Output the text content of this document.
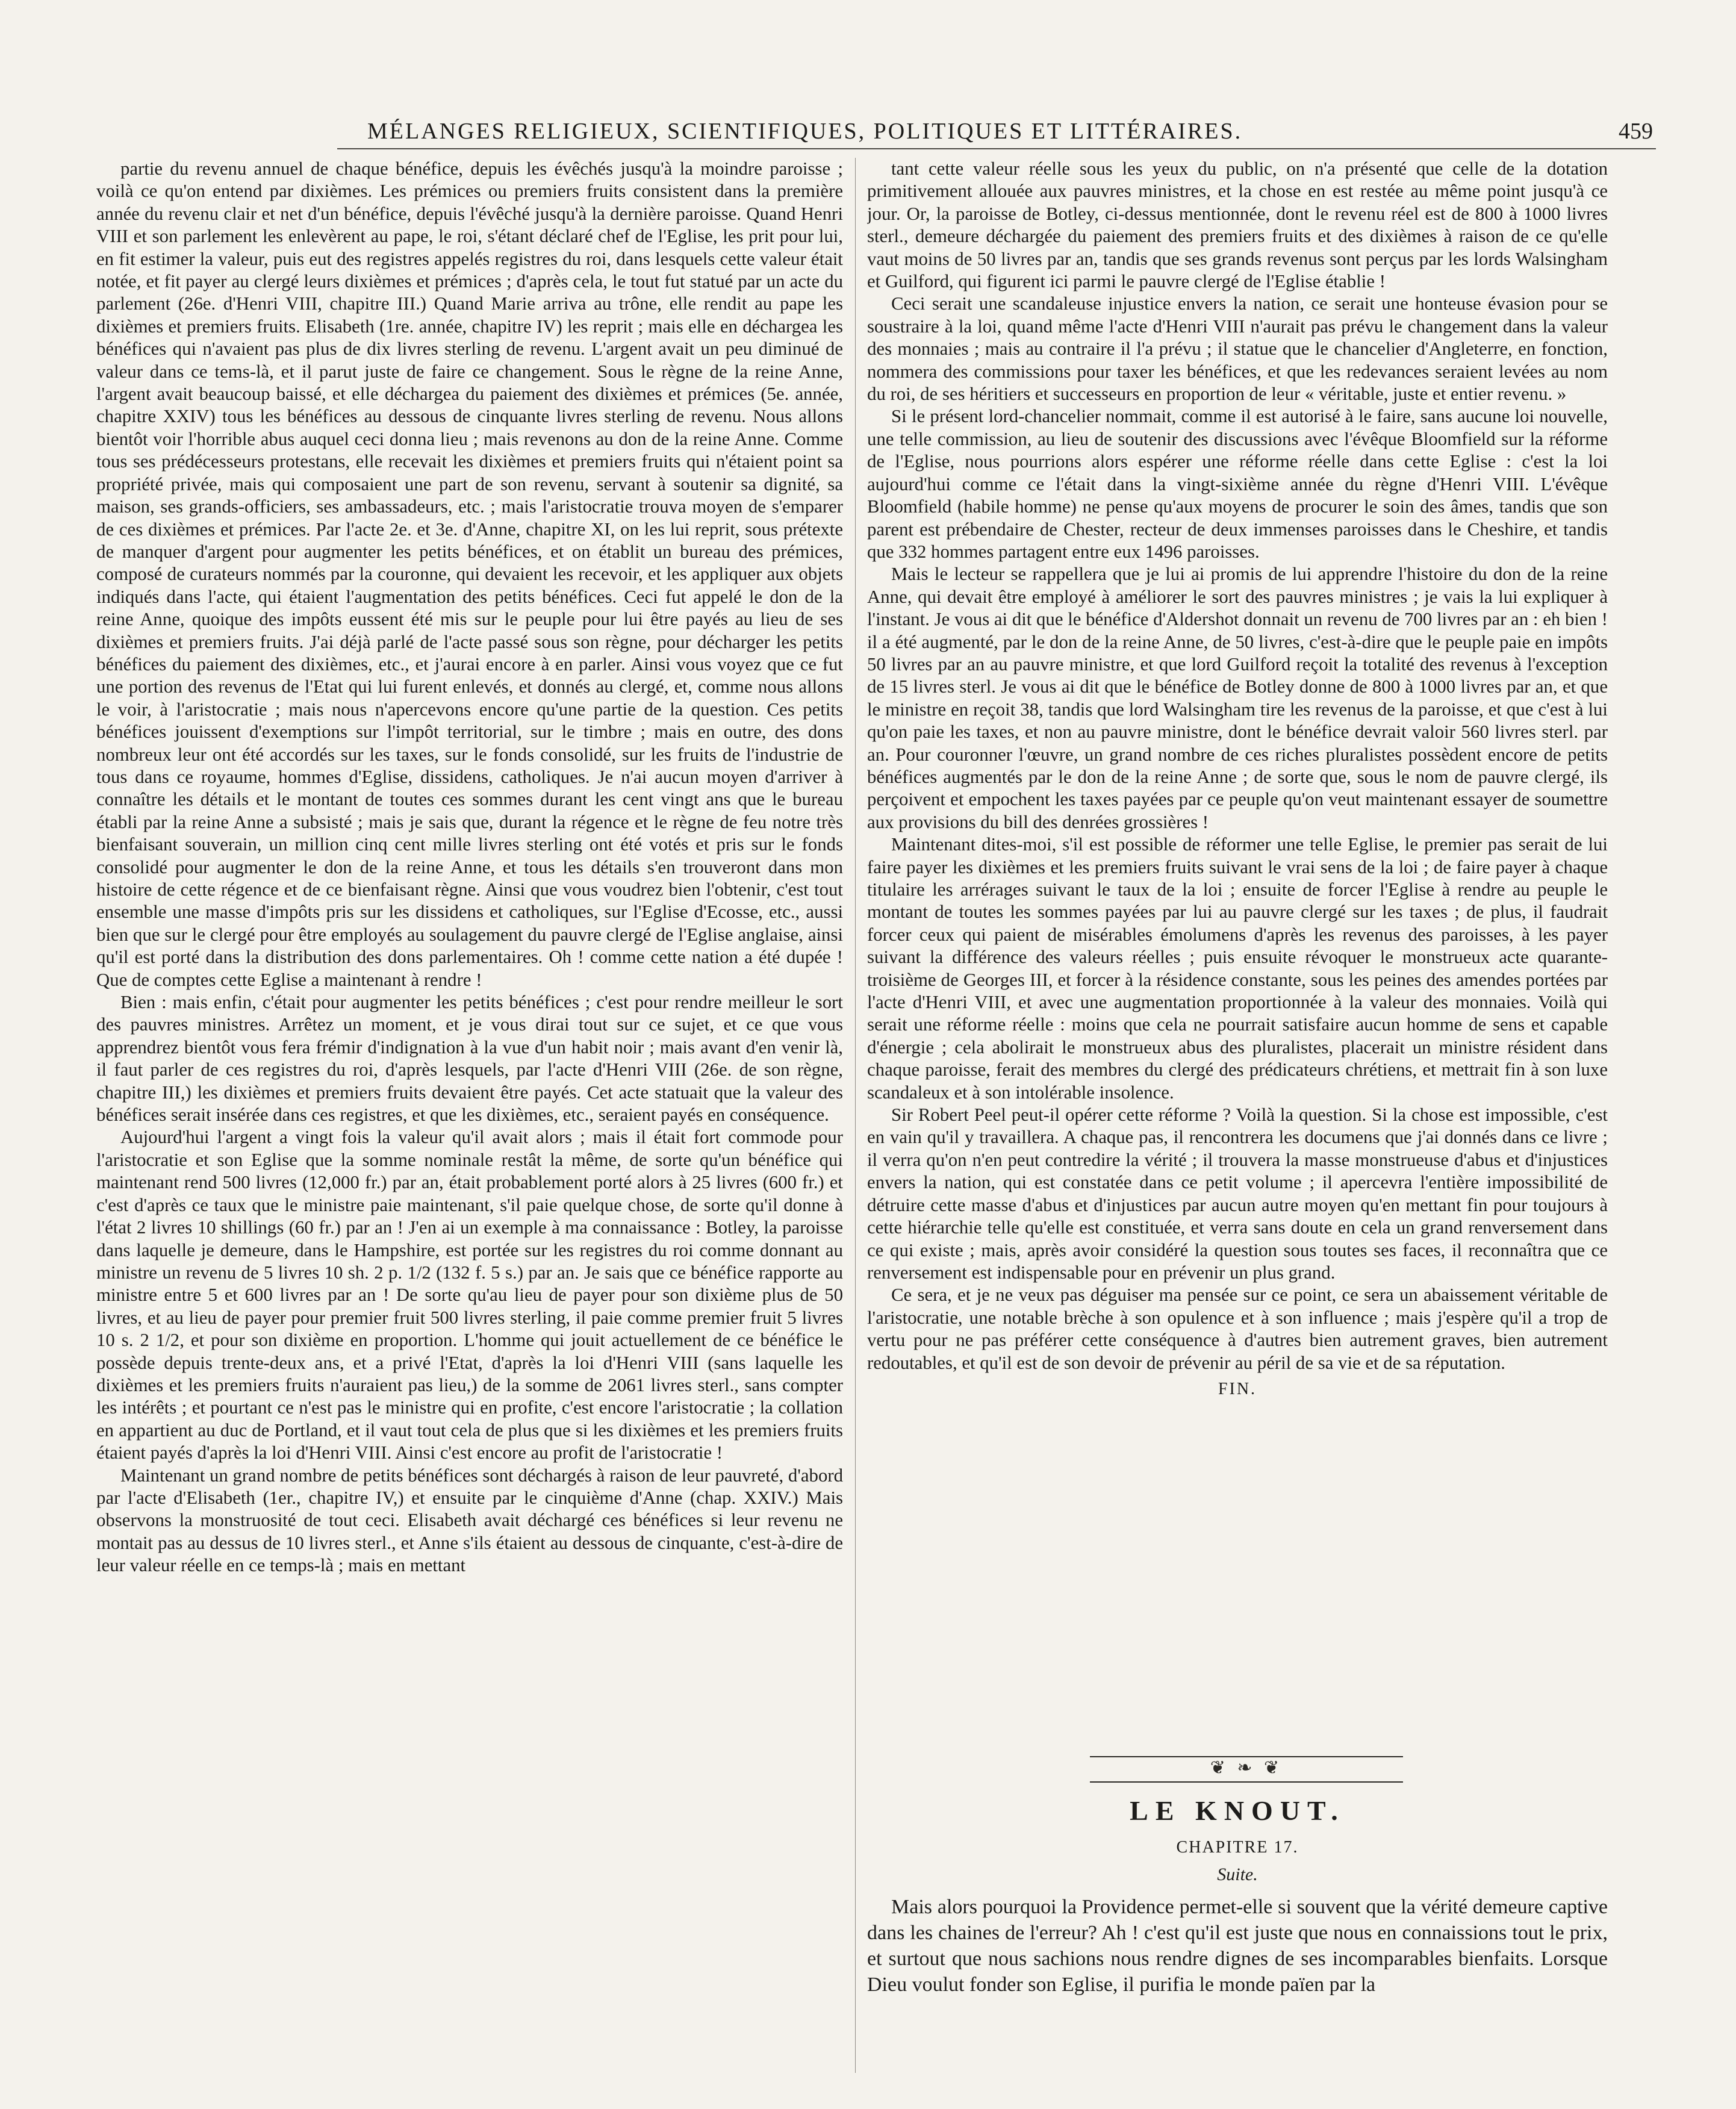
MÉLANGES RELIGIEUX, SCIENTIFIQUES, POLITIQUES ET LITTÉRAIRES.	459

partie du revenu annuel de chaque bénéfice, depuis les évêchés jusqu'à la moindre paroisse ; voilà ce qu'on entend par dixièmes. Les prémices ou premiers fruits consistent dans la première année du revenu clair et net d'un bénéfice, depuis l'évêché jusqu'à la dernière paroisse. Quand Henri VIII et son parlement les enlevèrent au pape, le roi, s'étant déclaré chef de l'Eglise, les prit pour lui, en fit estimer la valeur, puis eut des registres appelés registres du roi, dans lesquels cette valeur était notée, et fit payer au clergé leurs dixièmes et prémices ; d'après cela, le tout fut statué par un acte du parlement (26e. d'Henri VIII, chapitre III.) Quand Marie arriva au trône, elle rendit au pape les dixièmes et premiers fruits. Elisabeth (1re. année, chapitre IV) les reprit ; mais elle en déchargea les bénéfices qui n'avaient pas plus de dix livres sterling de revenu. L'argent avait un peu diminué de valeur dans ce tems-là, et il parut juste de faire ce changement. Sous le règne de la reine Anne, l'argent avait beaucoup baissé, et elle déchargea du paiement des dixièmes et prémices (5e. année, chapitre XXIV) tous les bénéfices au dessous de cinquante livres sterling de revenu. Nous allons bientôt voir l'horrible abus auquel ceci donna lieu ; mais revenons au don de la reine Anne. Comme tous ses prédécesseurs protestans, elle recevait les dixièmes et premiers fruits qui n'étaient point sa propriété privée, mais qui composaient une part de son revenu, servant à soutenir sa dignité, sa maison, ses grands-officiers, ses ambassadeurs, etc. ; mais l'aristocratie trouva moyen de s'emparer de ces dixièmes et prémices. Par l'acte 2e. et 3e. d'Anne, chapitre XI, on les lui reprit, sous prétexte de manquer d'argent pour augmenter les petits bénéfices, et on établit un bureau des prémices, composé de curateurs nommés par la couronne, qui devaient les recevoir, et les appliquer aux objets indiqués dans l'acte, qui étaient l'augmentation des petits bénéfices. Ceci fut appelé le don de la reine Anne, quoique des impôts eussent été mis sur le peuple pour lui être payés au lieu de ses dixièmes et premiers fruits. J'ai déjà parlé de l'acte passé sous son règne, pour décharger les petits bénéfices du paiement des dixièmes, etc., et j'aurai encore à en parler. Ainsi vous voyez que ce fut une portion des revenus de l'Etat qui lui furent enlevés, et donnés au clergé, et, comme nous allons le voir, à l'aristocratie ; mais nous n'apercevons encore qu'une partie de la question. Ces petits bénéfices jouissent d'exemptions sur l'impôt territorial, sur le timbre ; mais en outre, des dons nombreux leur ont été accordés sur les taxes, sur le fonds consolidé, sur les fruits de l'industrie de tous dans ce royaume, hommes d'Eglise, dissidens, catholiques. Je n'ai aucun moyen d'arriver à connaître les détails et le montant de toutes ces sommes durant les cent vingt ans que le bureau établi par la reine Anne a subsisté ; mais je sais que, durant la régence et le règne de feu notre très bienfaisant souverain, un million cinq cent mille livres sterling ont été votés et pris sur le fonds consolidé pour augmenter le don de la reine Anne, et tous les détails s'en trouveront dans mon histoire de cette régence et de ce bienfaisant règne. Ainsi que vous voudrez bien l'obtenir, c'est tout ensemble une masse d'impôts pris sur les dissidens et catholiques, sur l'Eglise d'Ecosse, etc., aussi bien que sur le clergé pour être employés au soulagement du pauvre clergé de l'Eglise anglaise, ainsi qu'il est porté dans la distribution des dons parlementaires. Oh ! comme cette nation a été dupée ! Que de comptes cette Eglise a maintenant à rendre !

Bien : mais enfin, c'était pour augmenter les petits bénéfices ; c'est pour rendre meilleur le sort des pauvres ministres. Arrêtez un moment, et je vous dirai tout sur ce sujet, et ce que vous apprendrez bientôt vous fera frémir d'indignation à la vue d'un habit noir ; mais avant d'en venir là, il faut parler de ces registres du roi, d'après lesquels, par l'acte d'Henri VIII (26e. de son règne, chapitre III,) les dixièmes et premiers fruits devaient être payés. Cet acte statuait que la valeur des bénéfices serait insérée dans ces registres, et que les dixièmes, etc., seraient payés en conséquence.

Aujourd'hui l'argent a vingt fois la valeur qu'il avait alors ; mais il était fort commode pour l'aristocratie et son Eglise que la somme nominale restât la même, de sorte qu'un bénéfice qui maintenant rend 500 livres (12,000 fr.) par an, était probablement porté alors à 25 livres (600 fr.) et c'est d'après ce taux que le ministre paie maintenant, s'il paie quelque chose, de sorte qu'il donne à l'état 2 livres 10 shillings (60 fr.) par an ! J'en ai un exemple à ma connaissance : Botley, la paroisse dans laquelle je demeure, dans le Hampshire, est portée sur les registres du roi comme donnant au ministre un revenu de 5 livres 10 sh. 2 p. 1/2 (132 f. 5 s.) par an. Je sais que ce bénéfice rapporte au ministre entre 5 et 600 livres par an ! De sorte qu'au lieu de payer pour son dixième plus de 50 livres, et au lieu de payer pour premier fruit 500 livres sterling, il paie comme premier fruit 5 livres 10 s. 2 1/2, et pour son dixième en proportion. L'homme qui jouit actuellement de ce bénéfice le possède depuis trente-deux ans, et a privé l'Etat, d'après la loi d'Henri VIII (sans laquelle les dixièmes et les premiers fruits n'auraient pas lieu,) de la somme de 2061 livres sterl., sans compter les intérêts ; et pourtant ce n'est pas le ministre qui en profite, c'est encore l'aristocratie ; la collation en appartient au duc de Portland, et il vaut tout cela de plus que si les dixièmes et les premiers fruits étaient payés d'après la loi d'Henri VIII. Ainsi c'est encore au profit de l'aristocratie !

Maintenant un grand nombre de petits bénéfices sont déchargés à raison de leur pauvreté, d'abord par l'acte d'Elisabeth (1er., chapitre IV,) et ensuite par le cinquième d'Anne (chap. XXIV.) Mais observons la monstruosité de tout ceci. Elisabeth avait déchargé ces bénéfices si leur revenu ne montait pas au dessus de 10 livres sterl., et Anne s'ils étaient au dessous de cinquante, c'est-à-dire de leur valeur réelle en ce temps-là ; mais en mettant

tant cette valeur réelle sous les yeux du public, on n'a présenté que celle de la dotation primitivement allouée aux pauvres ministres, et la chose en est restée au même point jusqu'à ce jour. Or, la paroisse de Botley, ci-dessus mentionnée, dont le revenu réel est de 800 à 1000 livres sterl., demeure déchargée du paiement des premiers fruits et des dixièmes à raison de ce qu'elle vaut moins de 50 livres par an, tandis que ses grands revenus sont perçus par les lords Walsingham et Guilford, qui figurent ici parmi le pauvre clergé de l'Eglise établie !

Ceci serait une scandaleuse injustice envers la nation, ce serait une honteuse évasion pour se soustraire à la loi, quand même l'acte d'Henri VIII n'aurait pas prévu le changement dans la valeur des monnaies ; mais au contraire il l'a prévu ; il statue que le chancelier d'Angleterre, en fonction, nommera des commissions pour taxer les bénéfices, et que les redevances seraient levées au nom du roi, de ses héritiers et successeurs en proportion de leur « véritable, juste et entier revenu. »

Si le présent lord-chancelier nommait, comme il est autorisé à le faire, sans aucune loi nouvelle, une telle commission, au lieu de soutenir des discussions avec l'évêque Bloomfield sur la réforme de l'Eglise, nous pourrions alors espérer une réforme réelle dans cette Eglise : c'est la loi aujourd'hui comme ce l'était dans la vingt-sixième année du règne d'Henri VIII. L'évêque Bloomfield (habile homme) ne pense qu'aux moyens de procurer le soin des âmes, tandis que son parent est prébendaire de Chester, recteur de deux immenses paroisses dans le Cheshire, et tandis que 332 hommes partagent entre eux 1496 paroisses.

Mais le lecteur se rappellera que je lui ai promis de lui apprendre l'histoire du don de la reine Anne, qui devait être employé à améliorer le sort des pauvres ministres ; je vais la lui expliquer à l'instant. Je vous ai dit que le bénéfice d'Aldershot donnait un revenu de 700 livres par an : eh bien ! il a été augmenté, par le don de la reine Anne, de 50 livres, c'est-à-dire que le peuple paie en impôts 50 livres par an au pauvre ministre, et que lord Guilford reçoit la totalité des revenus à l'exception de 15 livres sterl. Je vous ai dit que le bénéfice de Botley donne de 800 à 1000 livres par an, et que le ministre en reçoit 38, tandis que lord Walsingham tire les revenus de la paroisse, et que c'est à lui qu'on paie les taxes, et non au pauvre ministre, dont le bénéfice devrait valoir 560 livres sterl. par an. Pour couronner l'œuvre, un grand nombre de ces riches pluralistes possèdent encore de petits bénéfices augmentés par le don de la reine Anne ; de sorte que, sous le nom de pauvre clergé, ils perçoivent et empochent les taxes payées par ce peuple qu'on veut maintenant essayer de soumettre aux provisions du bill des denrées grossières !

Maintenant dites-moi, s'il est possible de réformer une telle Eglise, le premier pas serait de lui faire payer les dixièmes et les premiers fruits suivant le vrai sens de la loi ; de faire payer à chaque titulaire les arrérages suivant le taux de la loi ; ensuite de forcer l'Eglise à rendre au peuple le montant de toutes les sommes payées par lui au pauvre clergé sur les taxes ; de plus, il faudrait forcer ceux qui paient de misérables émolumens d'après les revenus des paroisses, à les payer suivant la différence des valeurs réelles ; puis ensuite révoquer le monstrueux acte quarante-troisième de Georges III, et forcer à la résidence constante, sous les peines des amendes portées par l'acte d'Henri VIII, et avec une augmentation proportionnée à la valeur des monnaies. Voilà qui serait une réforme réelle : moins que cela ne pourrait satisfaire aucun homme de sens et capable d'énergie ; cela abolirait le monstrueux abus des pluralistes, placerait un ministre résident dans chaque paroisse, ferait des membres du clergé des prédicateurs chrétiens, et mettrait fin à son luxe scandaleux et à son intolérable insolence.

Sir Robert Peel peut-il opérer cette réforme ? Voilà la question. Si la chose est impossible, c'est en vain qu'il y travaillera. A chaque pas, il rencontrera les documens que j'ai donnés dans ce livre ; il verra qu'on n'en peut contredire la vérité ; il trouvera la masse monstrueuse d'abus et d'injustices envers la nation, qui est constatée dans ce petit volume ; il apercevra l'entière impossibilité de détruire cette masse d'abus et d'injustices par aucun autre moyen qu'en mettant fin pour toujours à cette hiérarchie telle qu'elle est constituée, et verra sans doute en cela un grand renversement dans ce qui existe ; mais, après avoir considéré la question sous toutes ses faces, il reconnaîtra que ce renversement est indispensable pour en prévenir un plus grand.

Ce sera, et je ne veux pas déguiser ma pensée sur ce point, ce sera un abaissement véritable de l'aristocratie, une notable brèche à son opulence et à son influence ; mais j'espère qu'il a trop de vertu pour ne pas préférer cette conséquence à d'autres bien autrement graves, bien autrement redoutables, et qu'il est de son devoir de prévenir au péril de sa vie et de sa réputation.

FIN.
❦ ❧ ❦
LE KNOUT.
CHAPITRE 17.
Suite.

Mais alors pourquoi la Providence permet-elle si souvent que la vérité demeure captive dans les chaines de l'erreur? Ah ! c'est qu'il est juste que nous en connaissions tout le prix, et surtout que nous sachions nous rendre dignes de ses incomparables bienfaits. Lorsque Dieu voulut fonder son Eglise, il purifia le monde païen par la
